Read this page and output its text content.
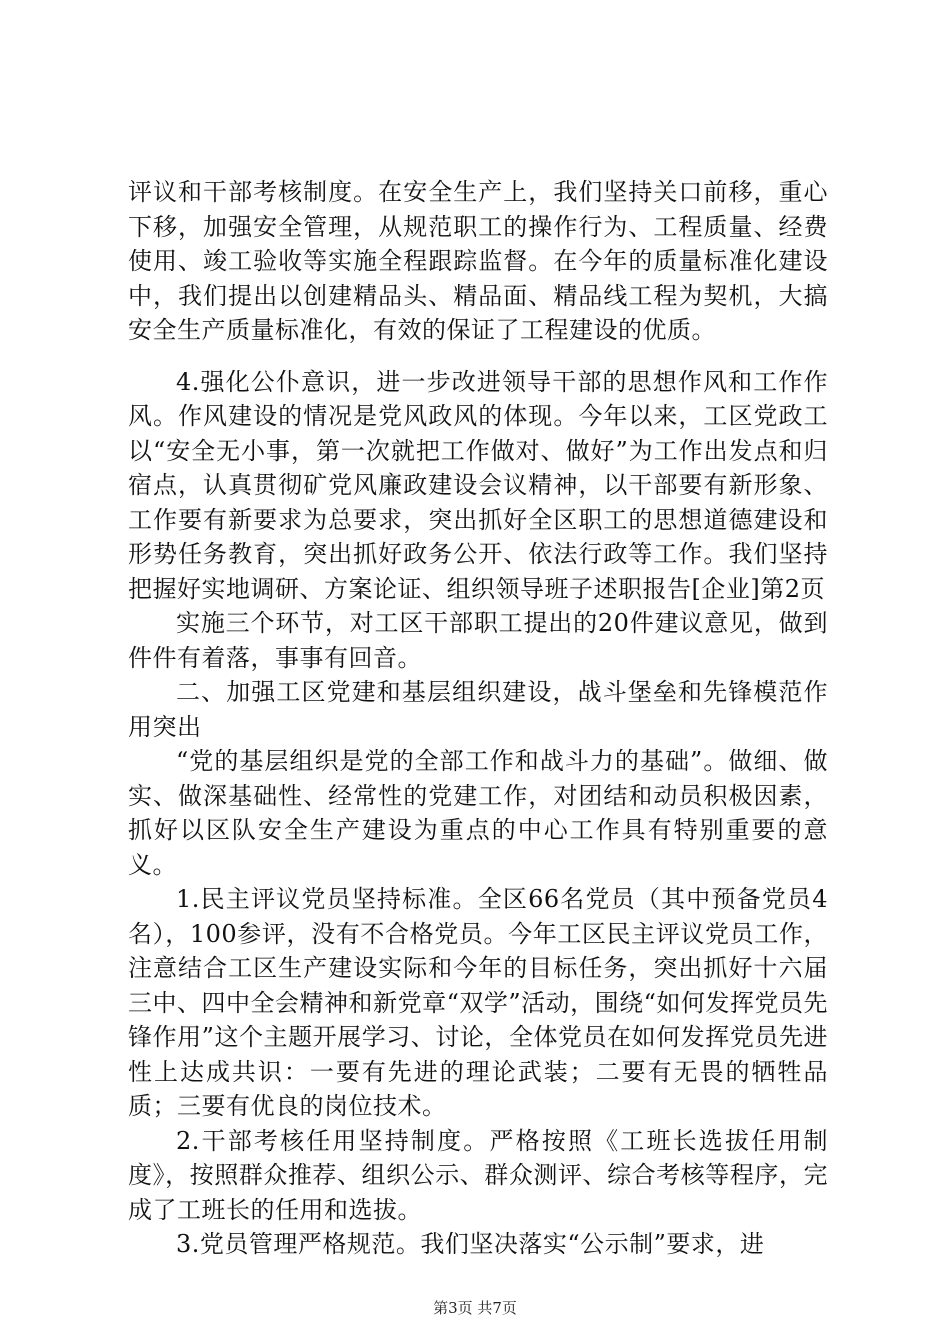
评议和干部考核制度。在安全生产上，我们坚持关口前移，重心下移，加强安全管理，从规范职工的操作行为、工程质量、经费使用、竣工验收等实施全程跟踪监督。在今年的质量标准化建设中，我们提出以创建精品头、精品面、精品线工程为契机，大搞安全生产质量标准化，有效的保证了工程建设的优质。

4.强化公仆意识，进一步改进领导干部的思想作风和工作作风。作风建设的情况是党风政风的体现。今年以来，工区党政工以“安全无小事，第一次就把工作做对、做好”为工作出发点和归宿点，认真贯彻矿党风廉政建设会议精神，以干部要有新形象、工作要有新要求为总要求，突出抓好全区职工的思想道德建设和形势任务教育，突出抓好政务公开、依法行政等工作。我们坚持把握好实地调研、方案论证、组织领导班子述职报告[企业]第2页

实施三个环节，对工区干部职工提出的20件建议意见，做到件件有着落，事事有回音。

二、加强工区党建和基层组织建设，战斗堡垒和先锋模范作用突出

“党的基层组织是党的全部工作和战斗力的基础”。做细、做实、做深基础性、经常性的党建工作，对团结和动员积极因素，抓好以区队安全生产建设为重点的中心工作具有特别重要的意义。

1.民主评议党员坚持标准。全区66名党员（其中预备党员4名），100参评，没有不合格党员。今年工区民主评议党员工作，注意结合工区生产建设实际和今年的目标任务，突出抓好十六届三中、四中全会精神和新党章“双学”活动，围绕“如何发挥党员先锋作用”这个主题开展学习、讨论，全体党员在如何发挥党员先进性上达成共识：一要有先进的理论武装；二要有无畏的牺牲品质；三要有优良的岗位技术。

2.干部考核任用坚持制度。严格按照《工班长选拔任用制度》，按照群众推荐、组织公示、群众测评、综合考核等程序，完成了工班长的任用和选拔。

3.党员管理严格规范。我们坚决落实“公示制”要求，进

第3页 共7页
